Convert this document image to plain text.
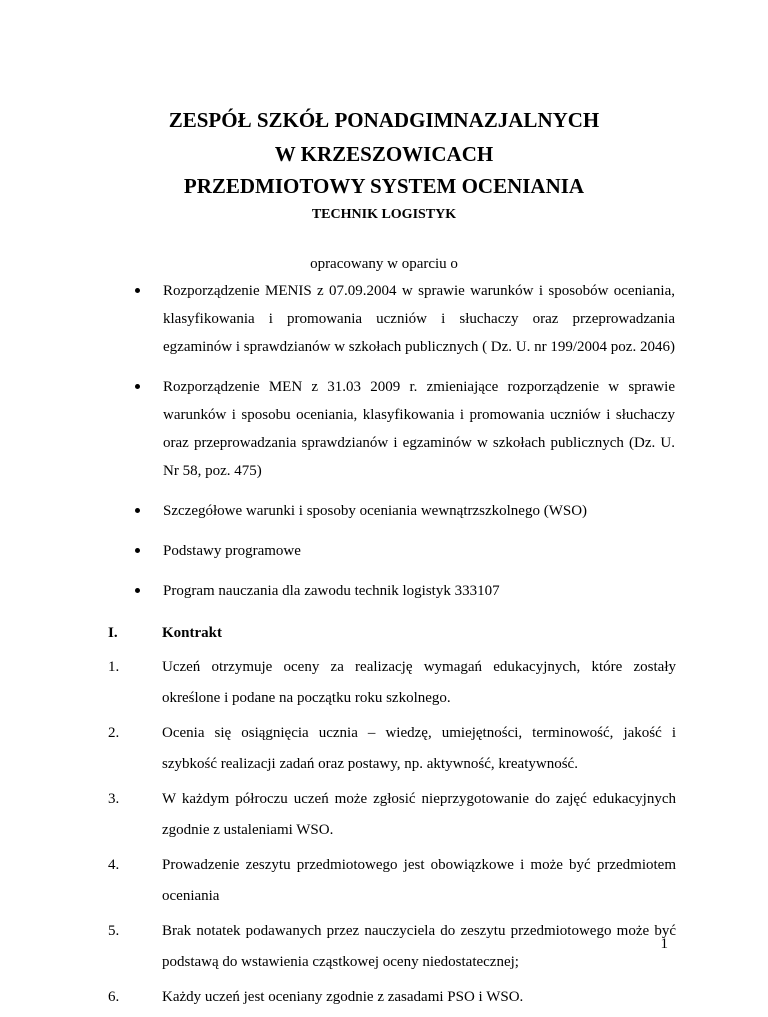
ZESPÓŁ SZKÓŁ PONADGIMNAZJALNYCH
W KRZESZOWICACH
PRZEDMIOTOWY SYSTEM OCENIANIA
TECHNIK LOGISTYK
opracowany w oparciu o
Rozporządzenie MENIS z 07.09.2004 w sprawie warunków i sposobów oceniania, klasyfikowania i promowania uczniów i słuchaczy oraz przeprowadzania egzaminów i sprawdzianów w szkołach publicznych ( Dz. U. nr 199/2004 poz. 2046)
Rozporządzenie MEN z 31.03 2009 r. zmieniające rozporządzenie w sprawie warunków i sposobu oceniania, klasyfikowania i promowania uczniów i słuchaczy oraz przeprowadzania sprawdzianów i egzaminów w szkołach publicznych (Dz. U. Nr 58, poz. 475)
Szczegółowe warunki i sposoby oceniania wewnątrzszkolnego (WSO)
Podstawy programowe
Program nauczania dla zawodu technik logistyk 333107
I.	Kontrakt
1.	Uczeń otrzymuje oceny za realizację wymagań edukacyjnych, które zostały określone i podane na początku roku szkolnego.
2.	Ocenia się osiągnięcia ucznia – wiedzę, umiejętności, terminowość, jakość i szybkość realizacji zadań oraz postawy, np. aktywność, kreatywność.
3.	W każdym półroczu uczeń może zgłosić nieprzygotowanie do zajęć edukacyjnych zgodnie z ustaleniami WSO.
4.	Prowadzenie zeszytu przedmiotowego jest obowiązkowe i może być przedmiotem oceniania
5.	Brak notatek podawanych przez nauczyciela do zeszytu przedmiotowego może być podstawą do wstawienia cząstkowej oceny niedostatecznej;
6.	Każdy uczeń jest oceniany zgodnie z zasadami PSO i WSO.
1
